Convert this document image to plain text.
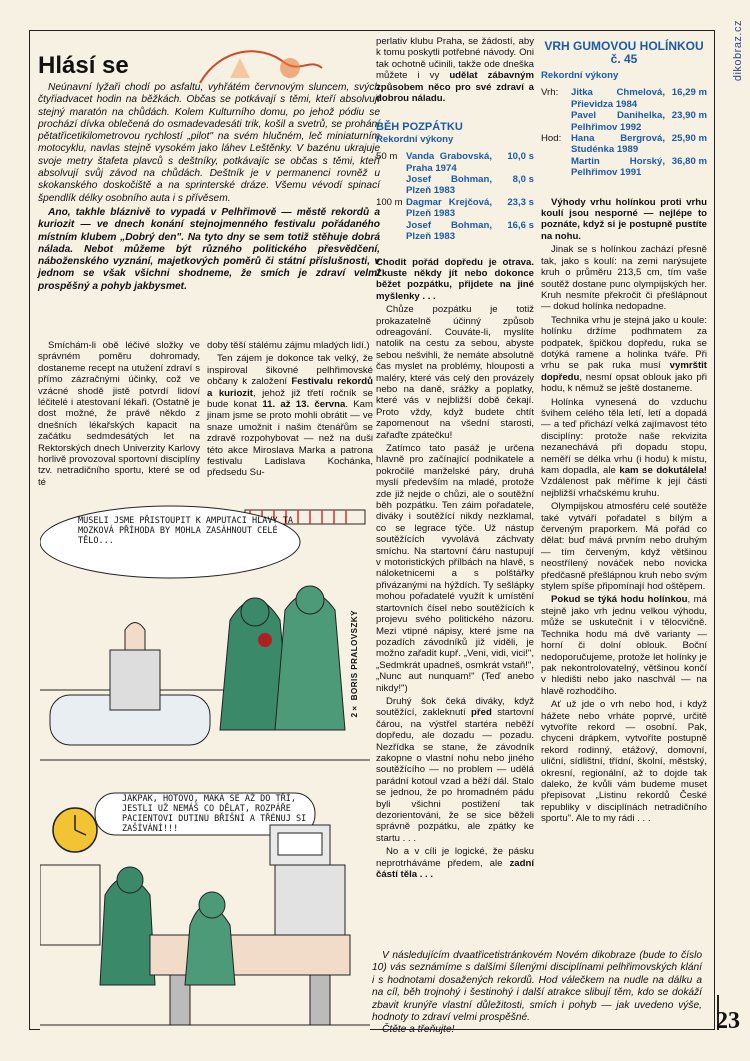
dikobraz.cz
23
Hlásí se

Neúnavní lyžaři chodí po asfaltu, vyhřátém červnovým sluncem, svých čtyřiadvacet hodin na běžkách. Občas se potkávají s těmi, kteří absolvují stejný maratón na chůdách. Kolem Kulturního domu, po jehož pódiu se prochází dívka oblečená do osmadevadesáti trik, košil a svetrů, se prohání pětatřicetikilometrovou rychlostí „pilot" na svém hlučném, leč miniaturním motocyklu, navlas stejně vysokém jako láhev Leštěnky. V bazénu ukrajuje svoje metry štafeta plavců s deštníky, potkávajíc se občas s těmi, kteří absolvují svůj závod na chůdách. Deštník je v permanenci rovněž u skokanského doskočiště a na sprinterské dráze. Všemu vévodí spinací špendlík délky osobního auta i s přívěsem.

Ano, takhle bláznivě to vypadá v Pelhřimově — městě rekordů a kuriozit — ve dnech konání stejnojmenného festivalu pořádaného místním klubem „Dobrý den". Na tyto dny se sem totiž stěhuje dobrá nálada. Nebot můžeme být různého politického přesvědčení, náboženského vyznání, majetkových poměrů či státní příslušnosti, v jednom se však všichni shodneme, že smích je zdraví velmi prospěšný a pohyb jakbysmet.

Smíchám-li obě léčivé složky ve správném poměru dohromady, dostaneme recept na utužení zdraví s přímo zázračnými účinky, což ve vzácné shodě jistě potvrdí lidoví léčitelé i atestovaní lékaři. (Ostatně je dost možné, že právě někdo z dnešních lékařských kapacit na začátku sedmdesátých let na Rektorských dnech Univerzity Karlovy horlivě provozoval sportovní disciplíny tzv. netradičního sportu, které se od té

doby těší stálému zájmu mladých lidí.)

Ten zájem je dokonce tak velký, že inspiroval šikovné pelhřimovské občany k založení Festivalu rekordů a kuriozit, jehož již třetí ročník se bude konat 11. až 13. června. Kam jinam jsme se proto mohli obrátit — ve snaze umožnit i našim čtenářům se zdravě rozpohybovat — než na duši této akce Miroslava Marka a patrona festivalu Ladislava Kochánka, předsedu Su-

MUSELI JSME PŘISTOUPIT K AMPUTACI HLAVY TA MOZKOVÁ PŘÍHODA BY MOHLA ZASÁHNOUT CELÉ TĚLO...
2× BORIS PRALOVSZKÝ
JAKPAK, HOTOVO, MAKÁ SE AŽ DO TŘÍ, JESTLI UŽ NEMÁŠ CO DĚLAT, ROZPÁŘE PACIENTOVI DUTINU BŘIŠNÍ A TŘÉNUJ SI ZAŠÍVÁNÍ!!!

perlativ klubu Praha, se žádostí, aby k tomu poskytli potřebné návody. Oni tak ochotně učinili, takže ode dneška můžete i vy udělat zábavným způsobem něco pro své zdraví a dobrou náladu.

BĚH POZPÁTKU
Rekordní výkony
50 m Vanda Grabovská, Praha 1974
10,0 s
Josef Bohman, Plzeň 1983
8,0 s
100 m Dagmar Krejčová, Plzeň 1983
23,3 s
Josef Bohman, Plzeň 1983
16,6 s

Chodit pořád dopředu je otrava. Zkuste někdy jít nebo dokonce běžet pozpátku, přijdete na jiné myšlenky . . .

Chůze pozpátku je totiž prokazatelně účinný způsob odreagování. Couváte-li, myslíte natolik na cestu za sebou, abyste sebou nešvihli, že nemáte absolutně čas myslet na problémy, hlouposti a maléry, které vás celý den provázely nebo na daně, srážky a poplatky, které vás v nejbližší době čekají. Proto vždy, když budete chtít zapomenout na všední starosti, zařaďte zpátečku!

Zatímco tato pasáž je určena hlavně pro začínající podnikatele a pokročilé manželské páry, druhá myslí především na mladé, protože zde již nejde o chůzi, ale o soutěžní běh pozpátku. Ten záim pořadatele, diváky i soutěžící nikdy nezklamal, co se legrace týče. Už nástup soutěžících vyvolává záchvaty smíchu. Na startovní čáru nastupují v motoristických přílbách na hlavě, s náloketnicemi a s polštářky přivázanými na hýždích. Ty sešlápky mohou pořadatelé využít k umístění startovních čísel nebo soutěžících k projevu svého politického názoru. Mezi vtipné nápisy, které jsme na pozadích závodníků již viděli, je možno zařadit kupř. „Veni, vidi, vici!", „Sedmkrát upadneš, osmkrát vstaň!", „Nunc aut nunquam!" (Teď anebo nikdy!")

Druhý šok čeká diváky, když soutěžící, zakleknutí před startovní čárou, na výstřel startéra neběží dopředu, ale dozadu — pozadu. Nezřídka se stane, že závodník zakopne o vlastní nohu nebo jiného soutěžícího — no problem — udělá parádní kotoul vzad a běží dál. Stalo se jednou, že po hromadném pádu byli všichni postižení tak dezorientováni, že se sice běželi správně pozpátku, ale zpátky ke startu . . .

No a v cíli je logické, že pásku neprotrháváme předem, ale zadní částí těla . . .

VRH GUMOVOU HOLÍNKOU č. 45
Rekordní výkony
Vrh:	Jitka Chmelová, Přievidza 1984
16,29 m
Pavel Danihelka, Pelhřimov 1992
23,90 m
Hod:	Hana Bergrová, Studénka 1989
25,90 m
Martin Horský, Pelhřimov 1991
36,80 m

Výhody vrhu holínkou proti vrhu koulí jsou nesporné — nejlépe to poznáte, když si je postupně pustíte na nohu.

Jinak se s holínkou zachází přesně tak, jako s koulí: na zemi narýsujete kruh o průměru 213,5 cm, tím vaše soutěž dostane punc olympijských her. Kruh nesmíte překročit či přešlápnout — dokud holínka nedopadne.

Technika vrhu je stejná jako u koule: holínku držíme podhmatem za podpatek, špičkou dopředu, ruka se dotýká ramene a holinka tváře. Při vrhu se pak ruka musí vymrštit dopředu, nesmí opsat oblouk jako při hodu, k němuž se ještě dostaneme.

Holínka vynesená do vzduchu švihem celého těla letí, letí a dopadá — a teď přichází velká zajímavost této disciplíny: protože naše rekvizita nezanechává při dopadu stopu, neměří se délka vrhu (i hodu) k místu, kam dopadla, ale kam se dokutálela! Vzdálenost pak měříme k její části nejbližší vrhačskému kruhu.

Olympijskou atmosféru celé soutěže také vytváří pořadatel s bílým a červeným praporkem. Má pořád co dělat: buď mává prvním nebo druhým — tím červeným, když většinou neostřílený nováček nebo novicka předčasně přešlápnou kruh nebo svým stylem spíše připomínají hod oštěpem.

Pokud se týká hodu holínkou, má stejně jako vrh jednu velkou výhodu, může se uskutečnit i v tělocvičně. Technika hodu má dvě varianty — horní či dolní oblouk. Boční nedoporučujeme, protože let holínky je pak nekontrolovatelný, většinou končí v hledišti nebo jako naschvál — na hlavě rozhodčího.

Ať už jde o vrh nebo hod, i když hážete nebo vrháte poprvé, určitě vytvoříte rekord — osobní. Pak, chyceni drápkem, vytvoříte postupně rekord rodinný, etážový, domovní, uliční, sídlištní, třídní, školní, městský, okresní, regionální, až to dojde tak daleko, že kvůli vám budeme muset přepisovat „Listinu rekordů České republiky v disciplínách netradičního sportu". Ale to my rádi . . .

V následujícím dvaatřicetistránkovém Novém dikobraze (bude to číslo 10) vás seznámíme s dalšími šílenými disciplínami pelhřimovských klání i s hodnotami dosažených rekordů. Hod válečkem na nudle na dálku a na cíl, běh trojnohý i šestinohý i další atrakce slibují těm, kdo se dokáží zbavit krunýře vlastní důležitosti, smích i pohyb — jak uvedeno výše, hodnoty to zdraví velmi prospěšné.

Čtěte a třeňujte!
